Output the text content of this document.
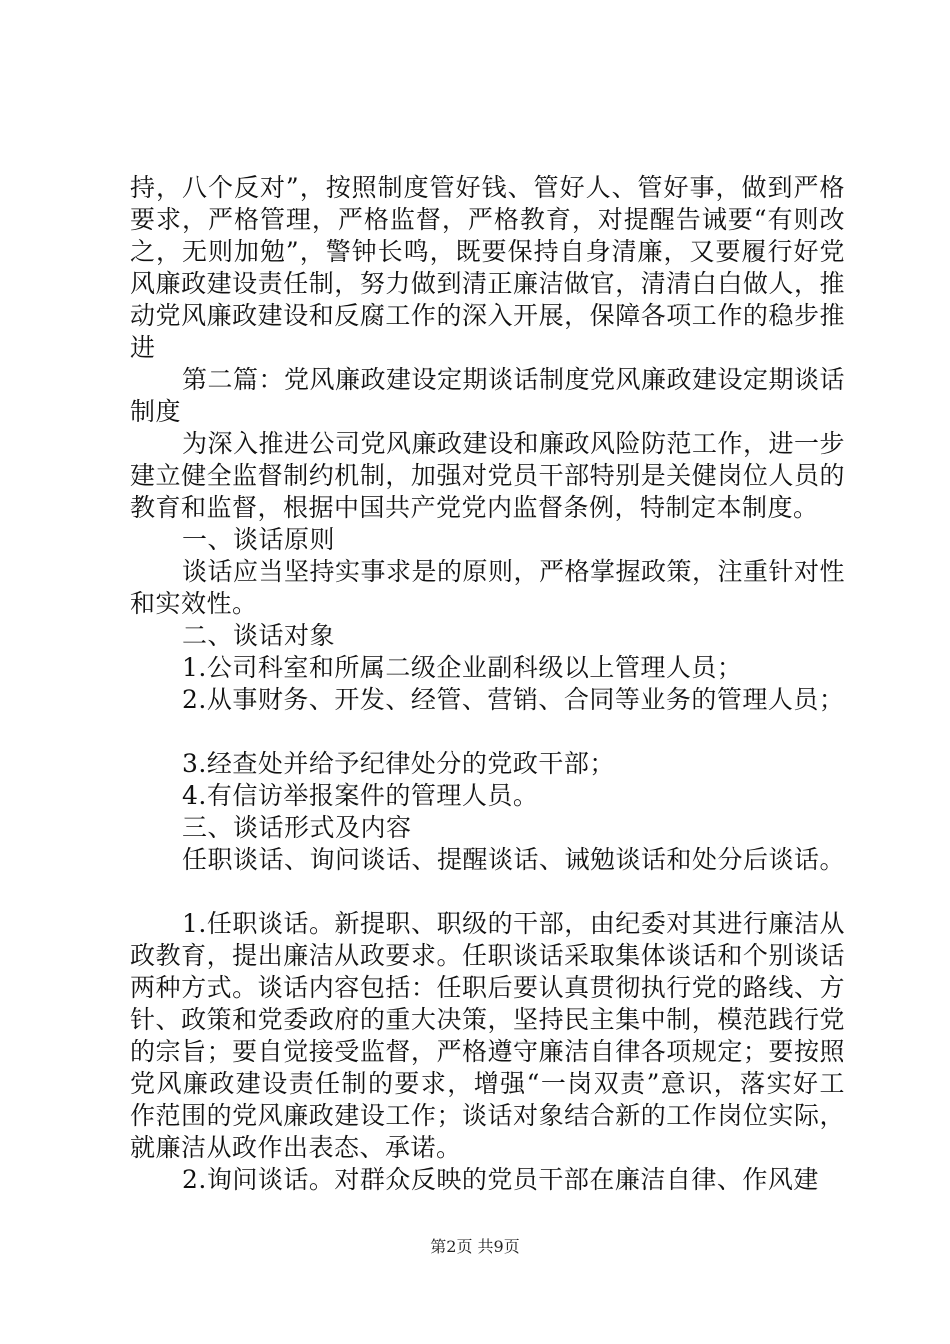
持，八个反对”，按照制度管好钱、管好人、管好事，做到严格要求，严格管理，严格监督，严格教育，对提醒告诫要“有则改之，无则加勉”，警钟长鸣，既要保持自身清廉，又要履行好党风廉政建设责任制，努力做到清正廉洁做官，清清白白做人，推动党风廉政建设和反腐工作的深入开展，保障各项工作的稳步推进

第二篇：党风廉政建设定期谈话制度党风廉政建设定期谈话制度

为深入推进公司党风廉政建设和廉政风险防范工作，进一步建立健全监督制约机制，加强对党员干部特别是关健岗位人员的教育和监督，根据中国共产党党内监督条例，特制定本制度。

一、谈话原则

谈话应当坚持实事求是的原则，严格掌握政策，注重针对性和实效性。

二、谈话对象

1.公司科室和所属二级企业副科级以上管理人员；

2.从事财务、开发、经管、营销、合同等业务的管理人员；

3.经查处并给予纪律处分的党政干部；

4.有信访举报案件的管理人员。

三、谈话形式及内容

任职谈话、询问谈话、提醒谈话、诫勉谈话和处分后谈话。

1.任职谈话。新提职、职级的干部，由纪委对其进行廉洁从政教育，提出廉洁从政要求。任职谈话采取集体谈话和个别谈话两种方式。谈话内容包括：任职后要认真贯彻执行党的路线、方针、政策和党委政府的重大决策，坚持民主集中制，模范践行党的宗旨；要自觉接受监督，严格遵守廉洁自律各项规定；要按照党风廉政建设责任制的要求，增强“一岗双责”意识，落实好工作范围的党风廉政建设工作；谈话对象结合新的工作岗位实际，就廉洁从政作出表态、承诺。

2.询问谈话。对群众反映的党员干部在廉洁自律、作风建

第2页 共9页
